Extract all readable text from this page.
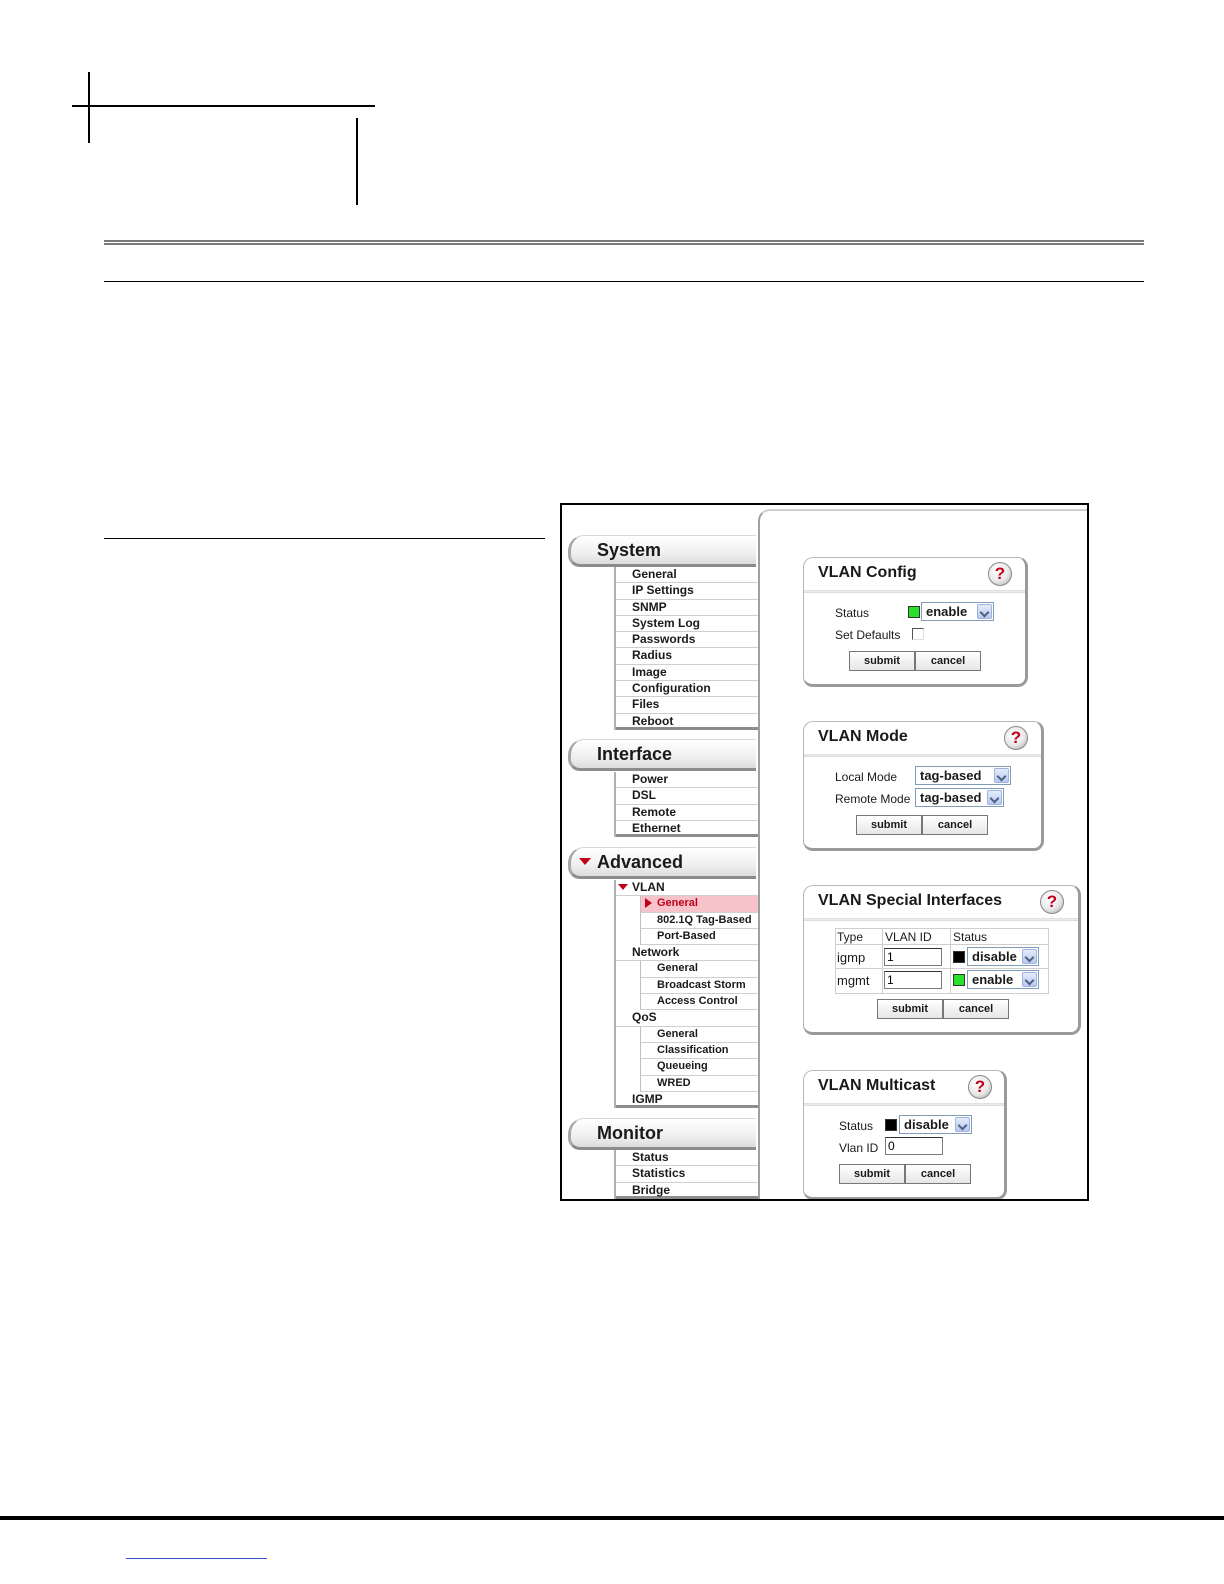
System
General
IP Settings
SNMP
System Log
Passwords
Radius
Image
Configuration
Files
Reboot
Interface
Power
DSL
Remote
Ethernet
Advanced
VLAN
General
802.1Q Tag-Based
Port-Based
Network
General
Broadcast Storm
Access Control
QoS
General
Classification
Queueing
WRED
IGMP
Monitor
Status
Statistics
Bridge
VLAN Config	?
Status	enable
Set Defaults
submit	cancel
VLAN Mode	?
Local Mode	tag-based
Remote Mode tag-based
submit	cancel
VLAN Special Interfaces	?
Type VLAN ID Status
igmp 1	disable
mgmt 1	enable
submit	cancel
VLAN Multicast	?
Status	disable
Vlan ID 0
submit	cancel
